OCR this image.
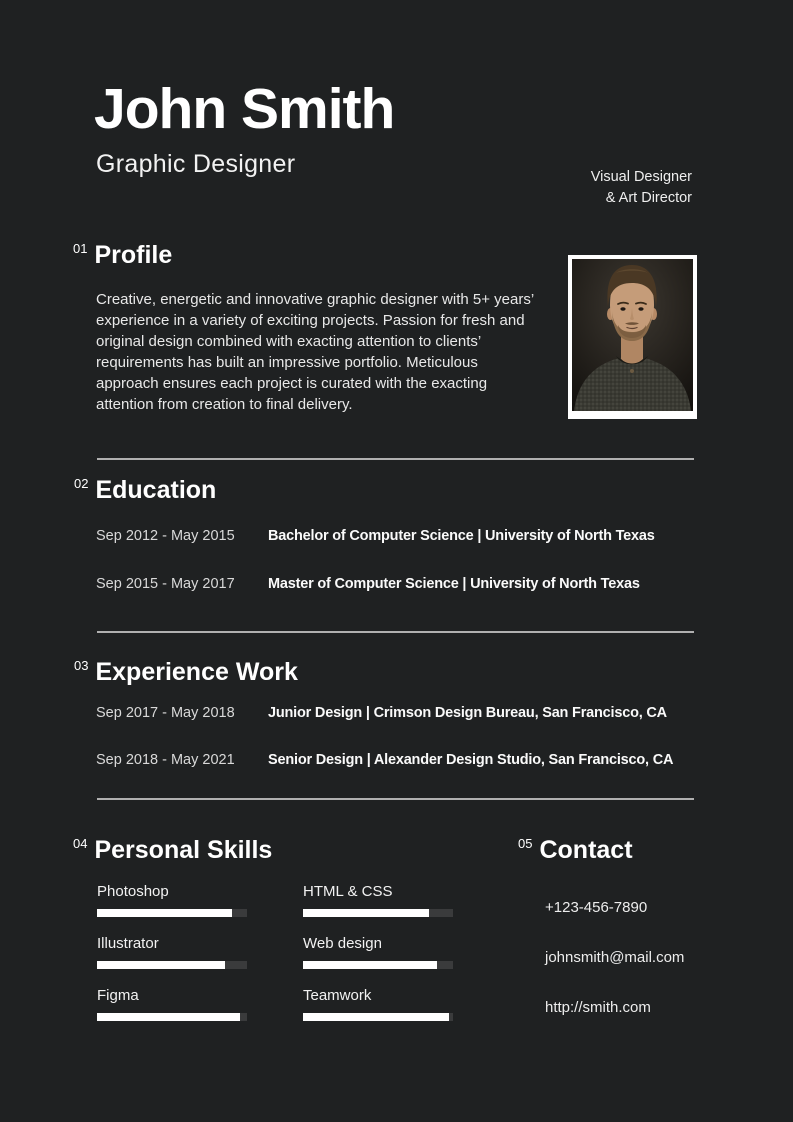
John Smith
Graphic Designer	Visual Designer
& Art Director
$^{01}$ Profile
Creative, energetic and innovative graphic designer with 5+ years’ experience in a variety of exciting projects. Passion for fresh and original design combined with exacting attention to clients’ requirements has built an impressive portfolio. Meticulous approach ensures each project is curated with the exacting attention from creation to final delivery.
$^{02}$ Education
Sep 2012 - May 2015	Bachelor of Computer Science | University of North Texas
Sep 2015 - May 2017	Master of Computer Science | University of North Texas
$^{03}$ Experience Work
Sep 2017 - May 2018	Junior Design | Crimson Design Bureau, San Francisco, CA
Sep 2018 - May 2021	Senior Design | Alexander Design Studio, San Francisco, CA
$^{04}$ Personal Skills
Photoshop
Illustrator
Figma
HTML & CSS
Web design
Teamwork
$^{05}$ Contact
+123-456-7890
johnsmith@mail.com
http://smith.com
